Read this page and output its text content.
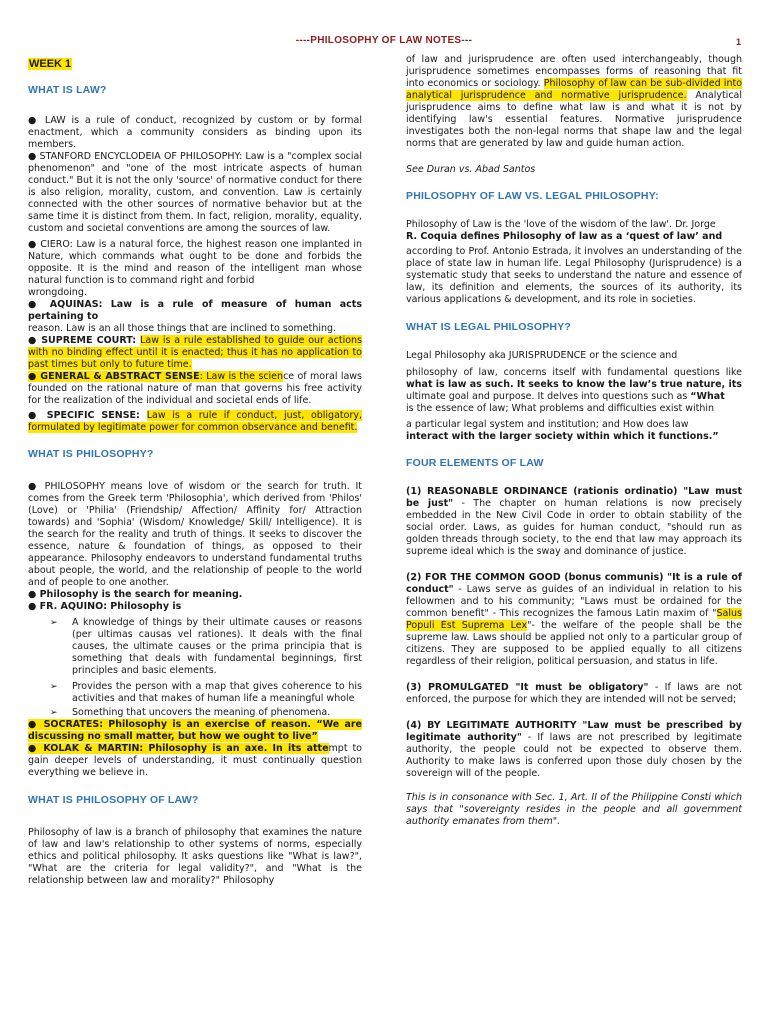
----PHILOSOPHY OF LAW NOTES---	1
WEEK 1
WHAT IS LAW?

● LAW is a rule of conduct, recognized by custom or by formal enactment, which a community considers as binding upon its members.

● STANFORD ENCYCLODEIA OF PHILOSOPHY: Law is a "complex social phenomenon" and "one of the most intricate aspects of human conduct." But it is not the only 'source' of normative conduct for there is also religion, morality, custom, and convention. Law is certainly connected with the other sources of normative behavior but at the same time it is distinct from them. In fact, religion, morality, equality, custom and societal conventions are among the sources of law.

● CIERO: Law is a natural force, the highest reason one implanted in Nature, which commands what ought to be done and forbids the opposite. It is the mind and reason of the intelligent man whose natural function is to command right and forbid

wrongdoing.

● AQUINAS: Law is a rule of measure of human acts pertaining to

reason. Law is an all those things that are inclined to something.

● SUPREME COURT: Law is a rule established to guide our actions with no binding effect until it is enacted; thus it has no application to past times but only to future time.

● GENERAL & ABSTRACT SENSE: Law is the science of moral laws founded on the rational nature of man that governs his free activity for the realization of the individual and societal ends of life.

● SPECIFIC SENSE: Law is a rule if conduct, just, obligatory, formulated by legitimate power for common observance and benefit.

WHAT IS PHILOSOPHY?

● PHILOSOPHY means love of wisdom or the search for truth. It comes from the Greek term 'Philosophia', which derived from 'Philos' (Love) or 'Philia' (Friendship/ Affection/ Affinity for/ Attraction towards) and 'Sophia' (Wisdom/ Knowledge/ Skill/ Intelligence). It is the search for the reality and truth of things. It seeks to discover the essence, nature & foundation of things, as opposed to their appearance. Philosophy endeavors to understand fundamental truths about people, the world, and the relationship of people to the world and of people to one another.

● Philosophy is the search for meaning.

● FR. AQUINO: Philosophy is

➢ A knowledge of things by their ultimate causes or reasons (per ultimas causas vel rationes). It deals with the final causes, the ultimate causes or the prima principia that is something that deals with fundamental beginnings, first principles and basic elements.
➢ Provides the person with a map that gives coherence to his activities and that makes of human life a meaningful whole
➢ Something that uncovers the meaning of phenomena.

● SOCRATES: Philosophy is an exercise of reason. “We are discussing no small matter, but how we ought to live”

● KOLAK & MARTIN: Philosophy is an axe. In its attempt to gain deeper levels of understanding, it must continually question everything we believe in.

WHAT IS PHILOSOPHY OF LAW?

Philosophy of law is a branch of philosophy that examines the nature of law and law's relationship to other systems of norms, especially ethics and political philosophy. It asks questions like "What is law?", "What are the criteria for legal validity?", and "What is the relationship between law and morality?" Philosophy

of law and jurisprudence are often used interchangeably, though jurisprudence sometimes encompasses forms of reasoning that fit into economics or sociology. Philosophy of law can be sub-divided into analytical jurisprudence and normative jurisprudence. Analytical jurisprudence aims to define what law is and what it is not by identifying law's essential features. Normative jurisprudence investigates both the non-legal norms that shape law and the legal norms that are generated by law and guide human action.

See Duran vs. Abad Santos

PHILOSOPHY OF LAW VS. LEGAL PHILOSOPHY:

Philosophy of Law is the 'love of the wisdom of the law'. Dr. Jorge

R. Coquia defines Philosophy of law as a ‘quest of law’ and

according to Prof. Antonio Estrada, it involves an understanding of the place of state law in human life. Legal Philosophy (Jurisprudence) is a systematic study that seeks to understand the nature and essence of law, its definition and elements, the sources of its authority, its various applications & development, and its role in societies.

WHAT IS LEGAL PHILOSOPHY?

Legal Philosophy aka JURISPRUDENCE or the science and

philosophy of law, concerns itself with fundamental questions like what is law as such. It seeks to know the law’s true nature, its

ultimate goal and purpose. It delves into questions such as “What

is the essence of law; What problems and difficulties exist within

a particular legal system and institution; and How does law

interact with the larger society within which it functions.”

FOUR ELEMENTS OF LAW

(1) REASONABLE ORDINANCE (rationis ordinatio) "Law must be just" - The chapter on human relations is now precisely embedded in the New Civil Code in order to obtain stability of the social order. Laws, as guides for human conduct, "should run as golden threads through society, to the end that law may approach its supreme ideal which is the sway and dominance of justice.

(2) FOR THE COMMON GOOD (bonus communis) "It is a rule of conduct" - Laws serve as guides of an individual in relation to his fellowmen and to his community; "Laws must be ordained for the common benefit" - This recognizes the famous Latin maxim of "Salus Populi Est Suprema Lex"- the welfare of the people shall be the supreme law. Laws should be applied not only to a particular group of citizens. They are supposed to be applied equally to all citizens regardless of their religion, political persuasion, and status in life.

(3) PROMULGATED "It must be obligatory" - If laws are not enforced, the purpose for which they are intended will not be served;

(4) BY LEGITIMATE AUTHORITY "Law must be prescribed by legitimate authority" - If laws are not prescribed by legitimate authority, the people could not be expected to observe them. Authority to make laws is conferred upon those duly chosen by the sovereign will of the people.

This is in consonance with Sec. 1, Art. II of the Philippine Consti which says that "sovereignty resides in the people and all government authority emanates from them".
